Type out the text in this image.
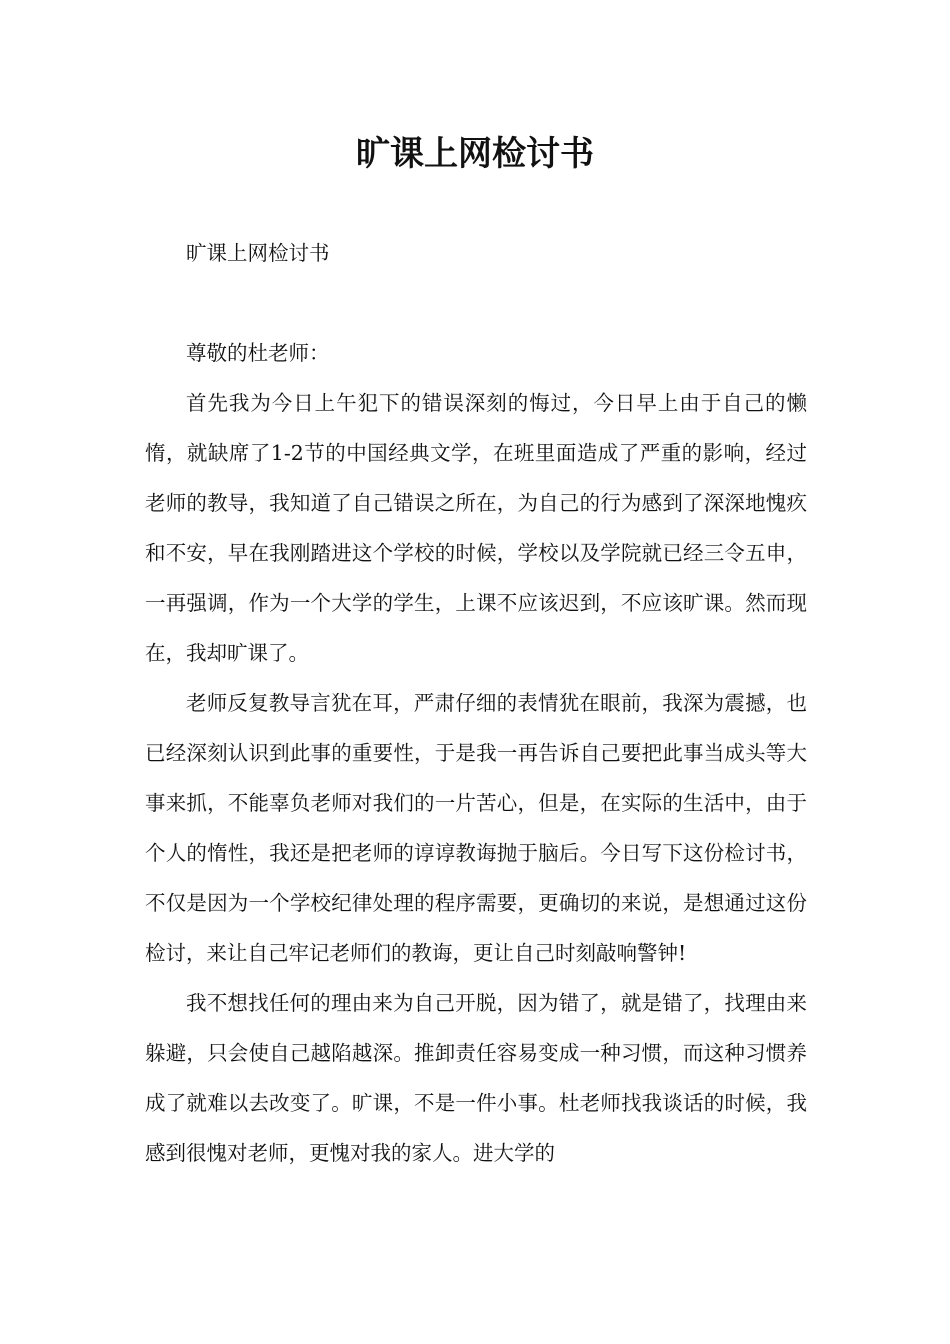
旷课上网检讨书

旷课上网检讨书

尊敬的杜老师：

首先我为今日上午犯下的错误深刻的悔过，今日早上由于自己的懒惰，就缺席了1-2节的中国经典文学，在班里面造成了严重的影响，经过老师的教导，我知道了自己错误之所在，为自己的行为感到了深深地愧疚和不安，早在我刚踏进这个学校的时候，学校以及学院就已经三令五申，一再强调，作为一个大学的学生，上课不应该迟到，不应该旷课。然而现在，我却旷课了。

老师反复教导言犹在耳，严肃仔细的表情犹在眼前，我深为震撼，也已经深刻认识到此事的重要性，于是我一再告诉自己要把此事当成头等大事来抓，不能辜负老师对我们的一片苦心，但是，在实际的生活中，由于个人的惰性，我还是把老师的谆谆教诲抛于脑后。今日写下这份检讨书，不仅是因为一个学校纪律处理的程序需要，更确切的来说，是想通过这份检讨，来让自己牢记老师们的教诲，更让自己时刻敲响警钟!

我不想找任何的理由来为自己开脱，因为错了，就是错了，找理由来躲避，只会使自己越陷越深。推卸责任容易变成一种习惯，而这种习惯养成了就难以去改变了。旷课，不是一件小事。杜老师找我谈话的时候，我感到很愧对老师，更愧对我的家人。进大学的
